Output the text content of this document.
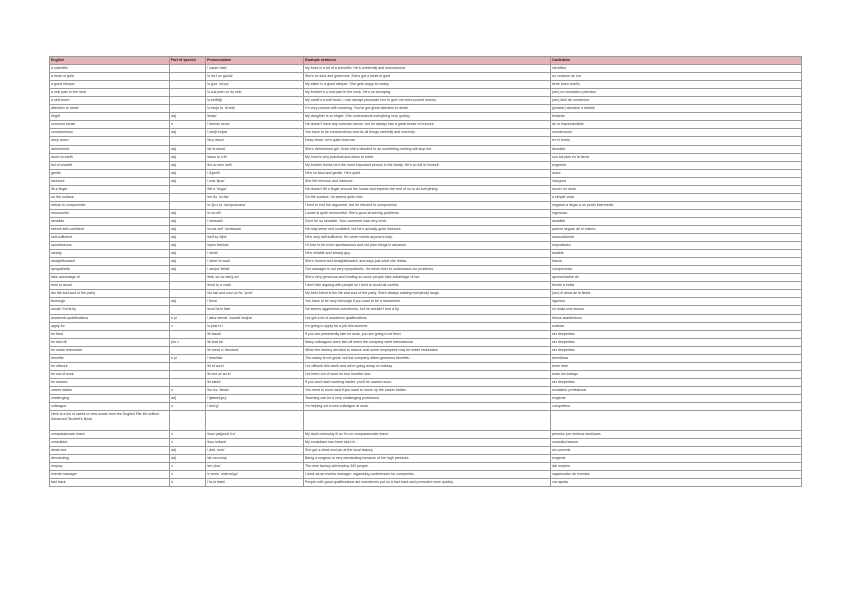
English	Part of speech	Pronunciation	Example sentence	Castellano
a scientific		/ˌsaɪənˈtɪfɪk/	My boss is a bit of a scientific. He's unfriendly and unemotional.	científico
a heart of gold		/ə hɑːt əv gəʊld/	She's so kind and generous. She's got a heart of gold.	un corazón de oro
a good sleeper		/ə ɡʊd ˈsliːpə/	My sister is a good sleeper. She gets angry so easily.	tiene buen sueño
a real pain in the neck		/ə rɪəl peɪn ɪn ðə nek/	My brother's a real pain in the neck. He's so annoying.	(ser) un verdadero pelmazo
a self-touch		/ə selftʌtʃ/	My uncle's a soft touch. I can always persuade him to give me extra pocket money.	(ser) fácil de convencer
attention to detail		/əˈtenʃn tə ˈdiːteɪl/	I'm very precise with cleaning. You've got great attention to detail.	(prestar) atención a detalle
bright	adj	/braɪt/	My daughter is so bright. She understands everything very quickly.	brillante
common sense	n	/ˈkɒmən sens/	He doesn't have any common sense, but he always has a great sense of humour.	de la imprescindible
conscientious	adj	/ˌkɒnʃiˈenʃəs/	You have to be conscientious and do all things carefully and correctly.	concienzudo
deep down		/diːp daʊn/	Deep down, he's quite insecure.	en el fondo
determined	adj	/dɪˈtɜːmɪnd/	She's determined girl. Once she's decided to do something nothing will stop her.	decidido
down to earth	adj	/daʊn tu ɜːθ/	My mum's very practical and down to earth.	con los pies en la tierra
full of oneself	adj	/fʊl əv wʌnˈself/	My brother thinks he's the most important person in the family. He's so full of himself.	engreído
gentle	adj	/ˈdʒentl/	He's so kind and gentle. He's quiet.	dulce
insecure	adj	/ˌɪnsɪˈkjʊə/	She felt nervous and insecure.	insegura
lift a finger		/lɪft ə ˈfɪŋɡə/	He doesn't lift a finger around the house and expects the rest of us to do everything.	mover un dedo
on the surface		/ɒn ðə ˈsɜːfɪs/	On the surface, he seems quite nice.	a simple vista
refuse to compromise		/rɪˈfjuːz tə ˈkɒmprəmaɪz/	I tried to end the argument, but he refused to compromise.	negarse a llegar a un punto intermedio
resourceful	adj	/rɪˈsɔːsfl/	Louise is quite resourceful. She's good at solving problems.	ingenioso
sensible	adj	/ˈsensəbl/	Don't be so sensible. Your comment was very cruel.	sensible
seems self-confident	adj	/siːmz self ˈkɒnfɪdənt/	He may seem self-confident, but he's actually quite insecure.	parece seguro de sí mismo
self-sufficient	adj	/self səˈfɪʃnt/	He's very self-sufficient. He never needs anyone's help.	autosuficiente
spontaneous	adj	/spɒnˈteɪniəs/	I'd love to be more spontaneous and not plan things in advance.	espontáneo
steady	adj	/ˈstedi/	He's reliable and steady guy.	estable
straightforward	adj	/ˌstreɪtˈfɔːwəd/	She's honest and straightforward, and says just what she thinks.	franco
sympathetic	adj	/ˌsɪmpəˈθetɪk/	Our manager is not very sympathetic. He never tries to understand our problems.	comprensivo
take advantage of		/teɪk ədˈvɑːntɪdʒ əv/	She's very generous and trusting so some people take advantage of her.	aprovecharse de
tend to avoid		/tend tu əˈvɔɪd/	I don't like arguing with people so I tend to avoid all conflict.	tiende a evitar
the life and soul of the party		/ðə laɪf ənd səʊl əv ðə ˈpɑːti/	My best friend is the life and soul of the party. She's always making everybody laugh.	(ser) el alma de la fiesta
thorough	adj	/ˈθʌrə/	You have to be very thorough if you want to be a researcher.	riguroso
would / hurts fly		/wʊd hɜːts flaɪ/	He seems aggressive sometimes, but he wouldn't hurt a fly.	no mata una mosca
academic qualifications	n pl	/ˌækəˈdemɪk ˌkwɒlɪfɪˈkeɪʃnz/	I've got a lot of academic qualifications.	títulos académicos
apply for	v	/əˈplaɪ fɔː/	I'm going to apply for a job this summer.	solicitar
be fired		/bi faɪəd/	If you are persistently late for work, you are going to be fired.	ser despedido
be laid off	phr v	/bi leɪd ɒf/	Many colleagues were laid off when the company went international.	ser despedido
be made redundant		/bi meɪd rɪˈdʌndənt/	When the factory decided to reduce cost some employees may be made redundant.	ser despedido
benefits	n pl	/ˈbenɪfɪts/	The salary is not great, but the company offers generous benefits.	beneficios
be offwork		/bi ɒf wɜːk/	I've offwork this week and we're going away on holiday.	tener libre
be out of work		/bi aʊt əv wɜːk/	I've been out of work for two months now.	estar sin trabajo
be sacked		/bi sækt/	If you don't start working harder, you'll be sacked soon.	ser despedido
career ladder	n	/kəˈrɪə ˈlædə/	You need to work hard if you want to move up the career ladder.	escalafón profesional
challenging	adj	/ˈtʃælɪndʒɪŋ/	Teaching can be a very challenging profession.	exigente
colleague	n	/ˈkɒliːɡ/	I'm helping out a new colleague at work.	compañero
Here is a list of useful or new words from the English File 4th edition Advanced Student's Book.				
compassionate leave	n	/kəmˈpæʃənət liːv/	My dad's seriously ill so I'm on compassionate leave.	permiso por motivos familiares
consultant	n	/kənˈsʌltənt/	My consultant has been kind of...	consultor/asesor
dead-end	adj	/ˌded ˈend/	She got a dead-end job at the local factory.	sin porvenir
demanding	adj	/dɪˈmɑːndɪŋ/	Being a surgeon is very demanding because of the high pressure.	exigente
employ	v	/ɪmˈplɔɪ/	The new factory will employ 300 people.	dar empleo
events manager	n	/ɪˈvents ˈmænɪdʒə/	I work as an events manager, organising conferences for companies.	organizador de eventos
fast track	n	/ˈfɑːst træk/	People with good qualifications are sometimes put on a fast track and promoted more quickly.	vía rápida
